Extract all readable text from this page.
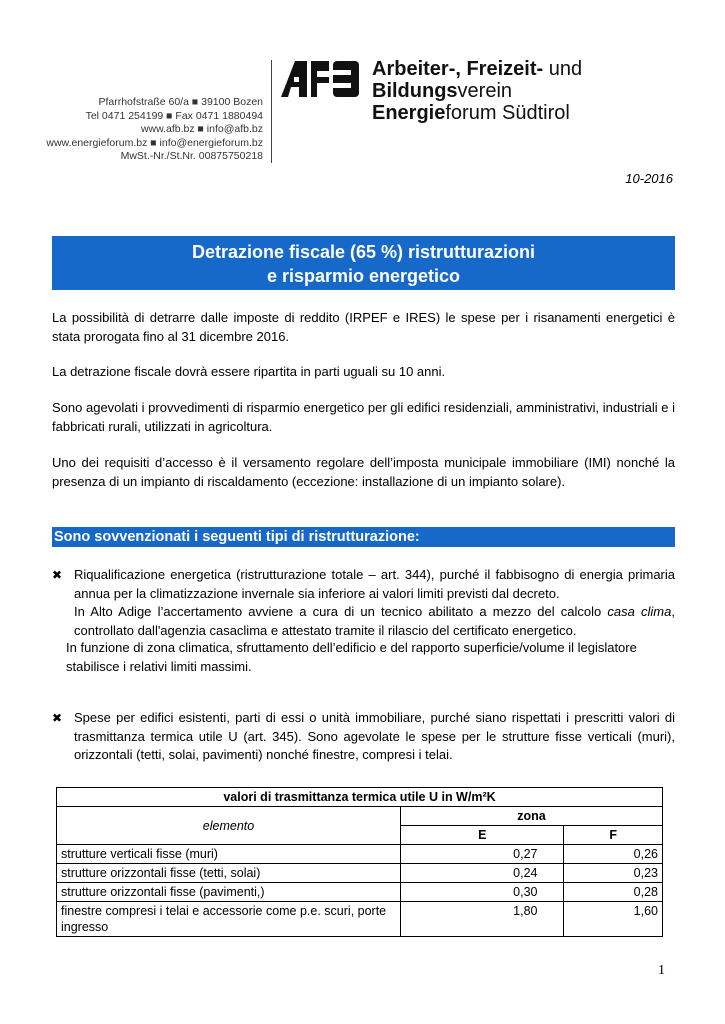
Pfarrhofstraße 60/a ■ 39100 Bozen
Tel 0471 254199 ■ Fax 0471 1880494
www.afb.bz ■ info@afb.bz
www.energieforum.bz ■ info@energieforum.bz
MwSt.-Nr./St.Nr. 00875750218
Arbeiter-, Freizeit- und Bildungsverein
Energieforum Südtirol
10-2016
Detrazione fiscale (65 %) ristrutturazioni
e risparmio energetico
La possibilità di detrarre dalle imposte di reddito (IRPEF e IRES) le spese per i risanamenti energetici è stata prorogata fino al 31 dicembre 2016.
La detrazione fiscale dovrà essere ripartita in parti uguali su 10 anni.
Sono agevolati i provvedimenti di risparmio energetico per gli edifici residenziali, amministrativi, industriali e i fabbricati rurali, utilizzati in agricoltura.
Uno dei requisiti d’accesso è il versamento regolare dell’imposta municipale immobiliare (IMI) nonché la presenza di un impianto di riscaldamento (eccezione: installazione di un impianto solare).
Sono sovvenzionati i seguenti tipi di ristrutturazione:
✖ Riqualificazione energetica (ristrutturazione totale – art. 344), purché il fabbisogno di energia primaria annua per la climatizzazione invernale sia inferiore ai valori limiti previsti dal decreto.
In Alto Adige l’accertamento avviene a cura di un tecnico abilitato a mezzo del calcolo casa clima, controllato dall'agenzia casaclima e attestato tramite il rilascio del certificato energetico.
In funzione di zona climatica, sfruttamento dell’edificio e del rapporto superficie/volume il legislatore stabilisce i relativi limiti massimi.
✖ Spese per edifici esistenti, parti di essi o unità immobiliare, purché siano rispettati i prescritti valori di trasmittanza termica utile U (art. 345). Sono agevolate le spese per le strutture fisse verticali (muri), orizzontali (tetti, solai, pavimenti) nonché finestre, compresi i telai.
valori di trasmittanza termica utile U in W/m²K		
elemento	zona	
	E	F
strutture verticali fisse (muri)	0,27	0,26
strutture orizzontali fisse (tetti, solai)	0,24	0,23
strutture orizzontali fisse (pavimenti,)	0,30	0,28
finestre compresi i telai e accessorie come p.e. scuri, porte ingresso	1,80	1,60
1
